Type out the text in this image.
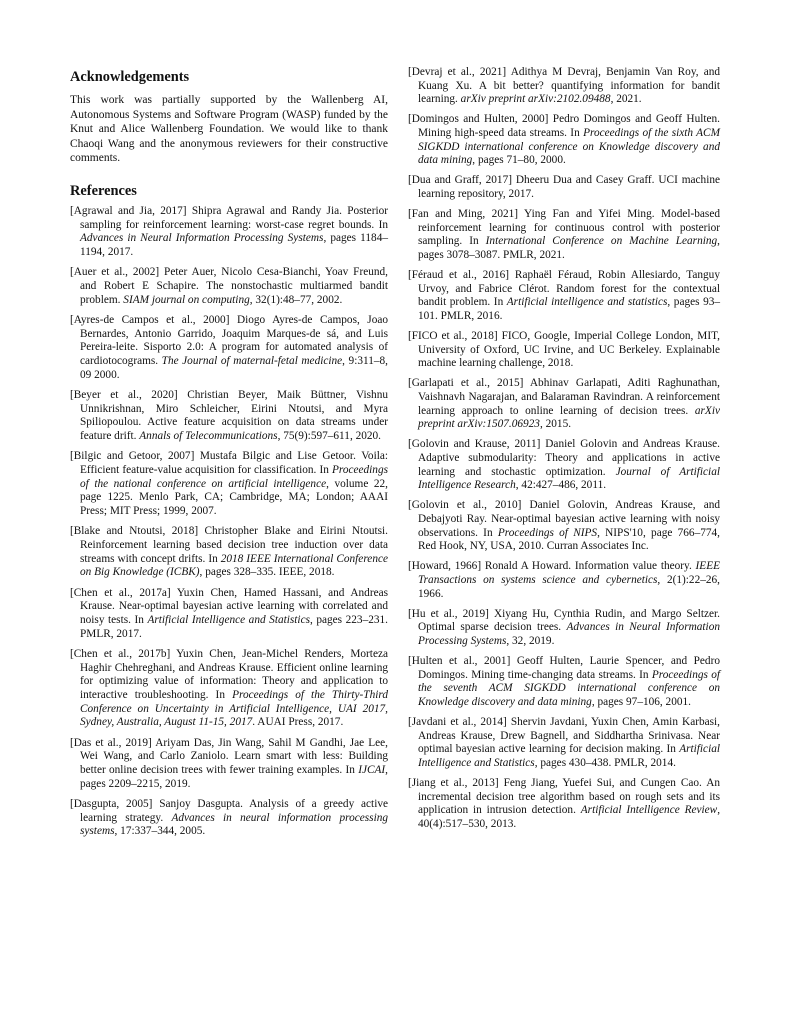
Acknowledgements

This work was partially supported by the Wallenberg AI, Autonomous Systems and Software Program (WASP) funded by the Knut and Alice Wallenberg Foundation. We would like to thank Chaoqi Wang and the anonymous reviewers for their constructive comments.

References

[Agrawal and Jia, 2017] Shipra Agrawal and Randy Jia. Posterior sampling for reinforcement learning: worst-case regret bounds. In Advances in Neural Information Processing Systems, pages 1184–1194, 2017.

[Auer et al., 2002] Peter Auer, Nicolo Cesa-Bianchi, Yoav Freund, and Robert E Schapire. The nonstochastic multiarmed bandit problem. SIAM journal on computing, 32(1):48–77, 2002.

[Ayres-de Campos et al., 2000] Diogo Ayres-de Campos, Joao Bernardes, Antonio Garrido, Joaquim Marques-de sá, and Luis Pereira-leite. Sisporto 2.0: A program for automated analysis of cardiotocograms. The Journal of maternal-fetal medicine, 9:311–8, 09 2000.

[Beyer et al., 2020] Christian Beyer, Maik Büttner, Vishnu Unnikrishnan, Miro Schleicher, Eirini Ntoutsi, and Myra Spiliopoulou. Active feature acquisition on data streams under feature drift. Annals of Telecommunications, 75(9):597–611, 2020.

[Bilgic and Getoor, 2007] Mustafa Bilgic and Lise Getoor. Voila: Efficient feature-value acquisition for classification. In Proceedings of the national conference on artificial intelligence, volume 22, page 1225. Menlo Park, CA; Cambridge, MA; London; AAAI Press; MIT Press; 1999, 2007.

[Blake and Ntoutsi, 2018] Christopher Blake and Eirini Ntoutsi. Reinforcement learning based decision tree induction over data streams with concept drifts. In 2018 IEEE International Conference on Big Knowledge (ICBK), pages 328–335. IEEE, 2018.

[Chen et al., 2017a] Yuxin Chen, Hamed Hassani, and Andreas Krause. Near-optimal bayesian active learning with correlated and noisy tests. In Artificial Intelligence and Statistics, pages 223–231. PMLR, 2017.

[Chen et al., 2017b] Yuxin Chen, Jean-Michel Renders, Morteza Haghir Chehreghani, and Andreas Krause. Efficient online learning for optimizing value of information: Theory and application to interactive troubleshooting. In Proceedings of the Thirty-Third Conference on Uncertainty in Artificial Intelligence, UAI 2017, Sydney, Australia, August 11-15, 2017. AUAI Press, 2017.

[Das et al., 2019] Ariyam Das, Jin Wang, Sahil M Gandhi, Jae Lee, Wei Wang, and Carlo Zaniolo. Learn smart with less: Building better online decision trees with fewer training examples. In IJCAI, pages 2209–2215, 2019.

[Dasgupta, 2005] Sanjoy Dasgupta. Analysis of a greedy active learning strategy. Advances in neural information processing systems, 17:337–344, 2005.

[Devraj et al., 2021] Adithya M Devraj, Benjamin Van Roy, and Kuang Xu. A bit better? quantifying information for bandit learning. arXiv preprint arXiv:2102.09488, 2021.

[Domingos and Hulten, 2000] Pedro Domingos and Geoff Hulten. Mining high-speed data streams. In Proceedings of the sixth ACM SIGKDD international conference on Knowledge discovery and data mining, pages 71–80, 2000.

[Dua and Graff, 2017] Dheeru Dua and Casey Graff. UCI machine learning repository, 2017.

[Fan and Ming, 2021] Ying Fan and Yifei Ming. Model-based reinforcement learning for continuous control with posterior sampling. In International Conference on Machine Learning, pages 3078–3087. PMLR, 2021.

[Féraud et al., 2016] Raphaël Féraud, Robin Allesiardo, Tanguy Urvoy, and Fabrice Clérot. Random forest for the contextual bandit problem. In Artificial intelligence and statistics, pages 93–101. PMLR, 2016.

[FICO et al., 2018] FICO, Google, Imperial College London, MIT, University of Oxford, UC Irvine, and UC Berkeley. Explainable machine learning challenge, 2018.

[Garlapati et al., 2015] Abhinav Garlapati, Aditi Raghunathan, Vaishnavh Nagarajan, and Balaraman Ravindran. A reinforcement learning approach to online learning of decision trees. arXiv preprint arXiv:1507.06923, 2015.

[Golovin and Krause, 2011] Daniel Golovin and Andreas Krause. Adaptive submodularity: Theory and applications in active learning and stochastic optimization. Journal of Artificial Intelligence Research, 42:427–486, 2011.

[Golovin et al., 2010] Daniel Golovin, Andreas Krause, and Debajyoti Ray. Near-optimal bayesian active learning with noisy observations. In Proceedings of NIPS, NIPS'10, page 766–774, Red Hook, NY, USA, 2010. Curran Associates Inc.

[Howard, 1966] Ronald A Howard. Information value theory. IEEE Transactions on systems science and cybernetics, 2(1):22–26, 1966.

[Hu et al., 2019] Xiyang Hu, Cynthia Rudin, and Margo Seltzer. Optimal sparse decision trees. Advances in Neural Information Processing Systems, 32, 2019.

[Hulten et al., 2001] Geoff Hulten, Laurie Spencer, and Pedro Domingos. Mining time-changing data streams. In Proceedings of the seventh ACM SIGKDD international conference on Knowledge discovery and data mining, pages 97–106, 2001.

[Javdani et al., 2014] Shervin Javdani, Yuxin Chen, Amin Karbasi, Andreas Krause, Drew Bagnell, and Siddhartha Srinivasa. Near optimal bayesian active learning for decision making. In Artificial Intelligence and Statistics, pages 430–438. PMLR, 2014.

[Jiang et al., 2013] Feng Jiang, Yuefei Sui, and Cungen Cao. An incremental decision tree algorithm based on rough sets and its application in intrusion detection. Artificial Intelligence Review, 40(4):517–530, 2013.
